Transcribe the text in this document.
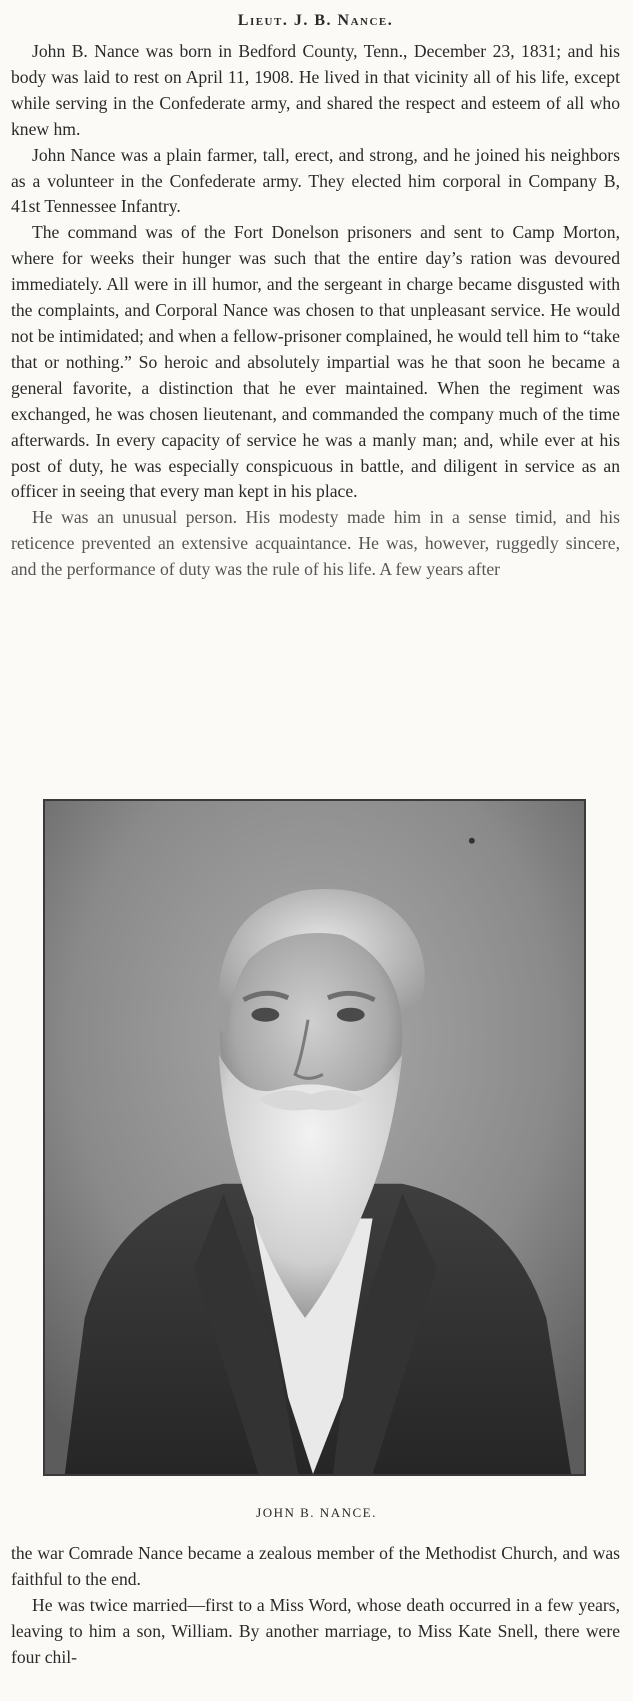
Lieut. J. B. Nance.

John B. Nance was born in Bedford County, Tenn., December 23, 1831; and his body was laid to rest on April 11, 1908. He lived in that vicinity all of his life, except while serving in the Confederate army, and shared the respect and esteem of all who knew hm.

John Nance was a plain farmer, tall, erect, and strong, and he joined his neighbors as a volunteer in the Confederate army. They elected him corporal in Company B, 41st Tennessee Infantry.

The command was of the Fort Donelson prisoners and sent to Camp Morton, where for weeks their hunger was such that the entire day’s ration was devoured immediately. All were in ill humor, and the sergeant in charge became disgusted with the complaints, and Corporal Nance was chosen to that unpleasant service. He would not be intimidated; and when a fellow-prisoner complained, he would tell him to “take that or nothing.” So heroic and absolutely impartial was he that soon he became a general favorite, a distinction that he ever maintained. When the regiment was exchanged, he was chosen lieutenant, and commanded the company much of the time afterwards. In every capacity of service he was a manly man; and, while ever at his post of duty, he was especially conspicuous in battle, and diligent in service as an officer in seeing that every man kept in his place.

He was an unusual person. His modesty made him in a sense timid, and his reticence prevented an extensive acquaintance. He was, however, ruggedly sincere, and the performance of duty was the rule of his life. A few years after

JOHN B. NANCE.

the war Comrade Nance became a zealous member of the Methodist Church, and was faithful to the end.

He was twice married—first to a Miss Word, whose death occurred in a few years, leaving to him a son, William. By another marriage, to Miss Kate Snell, there were four chil-
